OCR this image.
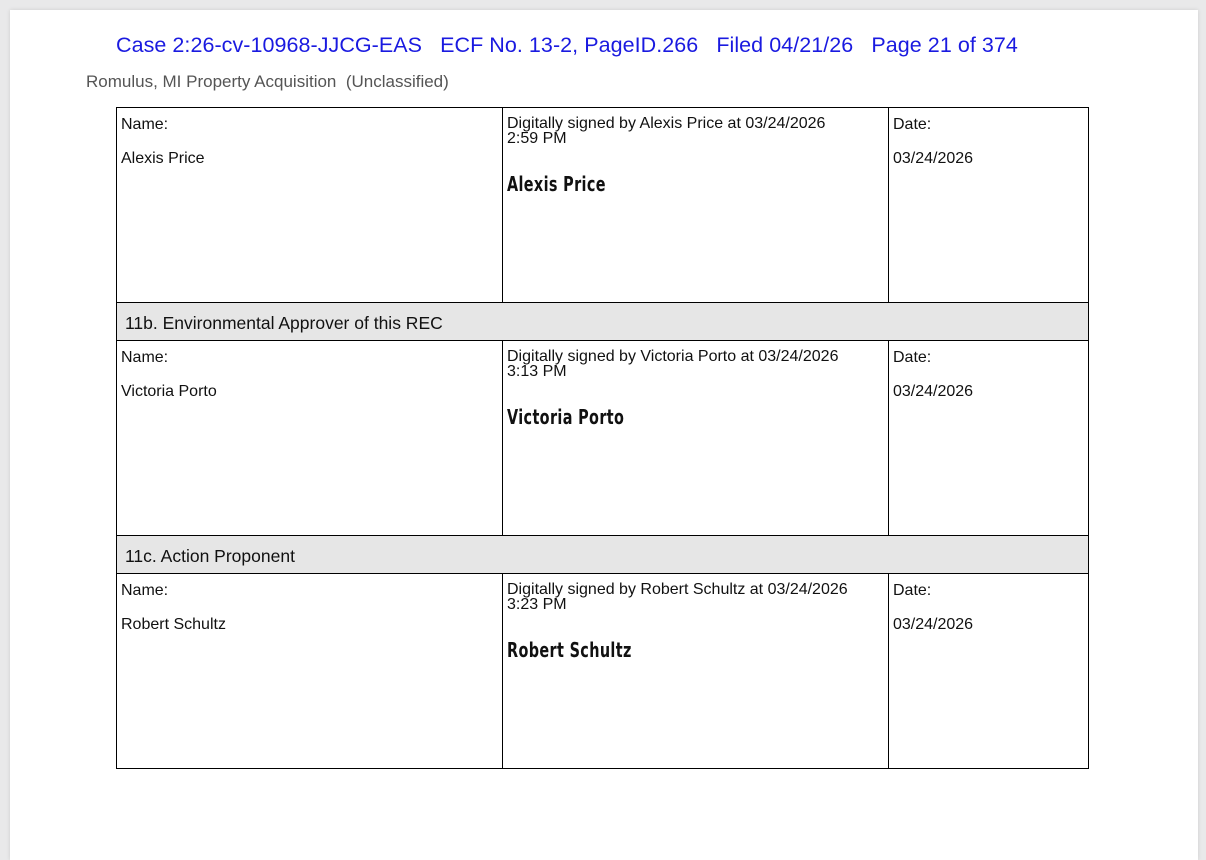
Case 2:26-cv-10968-JJCG-EAS   ECF No. 13-2, PageID.266   Filed 04/21/26   Page 21 of 374
Romulus, MI Property Acquisition  (Unclassified)
Name:
Alexis Price
Digitally signed by Alexis Price at 03/24/2026
2:59 PM
Alexis Price
Date:
03/24/2026
11b. Environmental Approver of this REC
Name:
Victoria Porto
Digitally signed by Victoria Porto at 03/24/2026
3:13 PM
Victoria Porto
Date:
03/24/2026
11c. Action Proponent
Name:
Robert Schultz
Digitally signed by Robert Schultz at 03/24/2026
3:23 PM
Robert Schultz
Date:
03/24/2026
